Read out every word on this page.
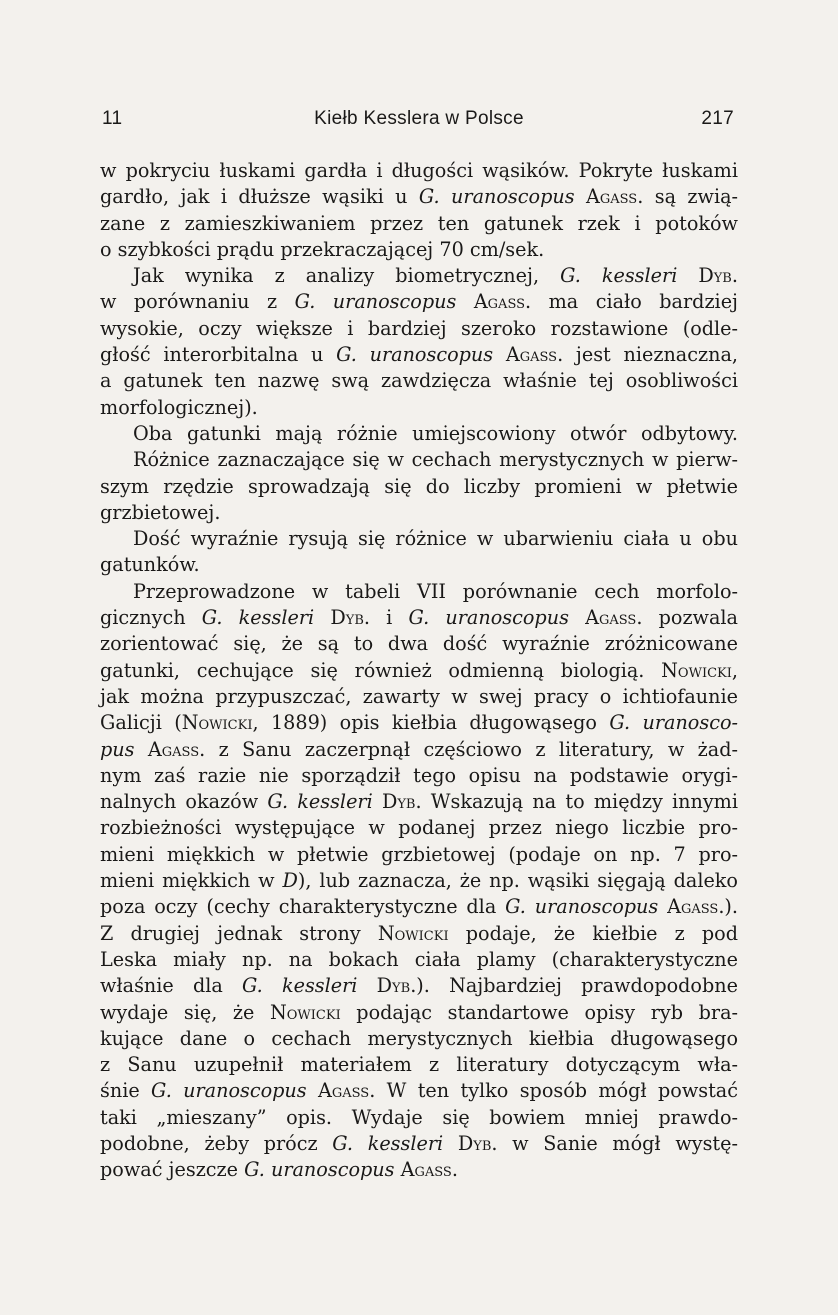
11	Kiełb Kesslera w Polsce	217
w pokryciu łuskami gardła i długości wąsików. Pokryte łuskami
gardło, jak i dłuższe wąsiki u G. uranoscopus Agass. są zwią-
zane z zamieszkiwaniem przez ten gatunek rzek i potoków
o szybkości prądu przekraczającej 70 cm/sek.
Jak wynika z analizy biometrycznej, G. kessleri Dyb.
w porównaniu z G. uranoscopus Agass. ma ciało bardziej
wysokie, oczy większe i bardziej szeroko rozstawione (odle-
głość interorbitalna u G. uranoscopus Agass. jest nieznaczna,
a gatunek ten nazwę swą zawdzięcza właśnie tej osobliwości
morfologicznej).
Oba gatunki mają różnie umiejscowiony otwór odbytowy.
Różnice zaznaczające się w cechach merystycznych w pierw-
szym rzędzie sprowadzają się do liczby promieni w płetwie
grzbietowej.
Dość wyraźnie rysują się różnice w ubarwieniu ciała u obu
gatunków.
Przeprowadzone w tabeli VII porównanie cech morfolo-
gicznych G. kessleri Dyb. i G. uranoscopus Agass. pozwala
zorientować się, że są to dwa dość wyraźnie zróżnicowane
gatunki, cechujące się również odmienną biologią. Nowicki,
jak można przypuszczać, zawarty w swej pracy o ichtiofaunie
Galicji (Nowicki, 1889) opis kiełbia długowąsego G. uranosco-
pus Agass. z Sanu zaczerpnął częściowo z literatury, w żad-
nym zaś razie nie sporządził tego opisu na podstawie orygi-
nalnych okazów G. kessleri Dyb. Wskazują na to między innymi
rozbieżności występujące w podanej przez niego liczbie pro-
mieni miękkich w płetwie grzbietowej (podaje on np. 7 pro-
mieni miękkich w D), lub zaznacza, że np. wąsiki sięgają daleko
poza oczy (cechy charakterystyczne dla G. uranoscopus Agass.).
Z drugiej jednak strony Nowicki podaje, że kiełbie z pod
Leska miały np. na bokach ciała plamy (charakterystyczne
właśnie dla G. kessleri Dyb.). Najbardziej prawdopodobne
wydaje się, że Nowicki podając standartowe opisy ryb bra-
kujące dane o cechach merystycznych kiełbia długowąsego
z Sanu uzupełnił materiałem z literatury dotyczącym wła-
śnie G. uranoscopus Agass. W ten tylko sposób mógł powstać
taki „mieszany” opis. Wydaje się bowiem mniej prawdo-
podobne, żeby prócz G. kessleri Dyb. w Sanie mógł wystę-
pować jeszcze G. uranoscopus Agass.
